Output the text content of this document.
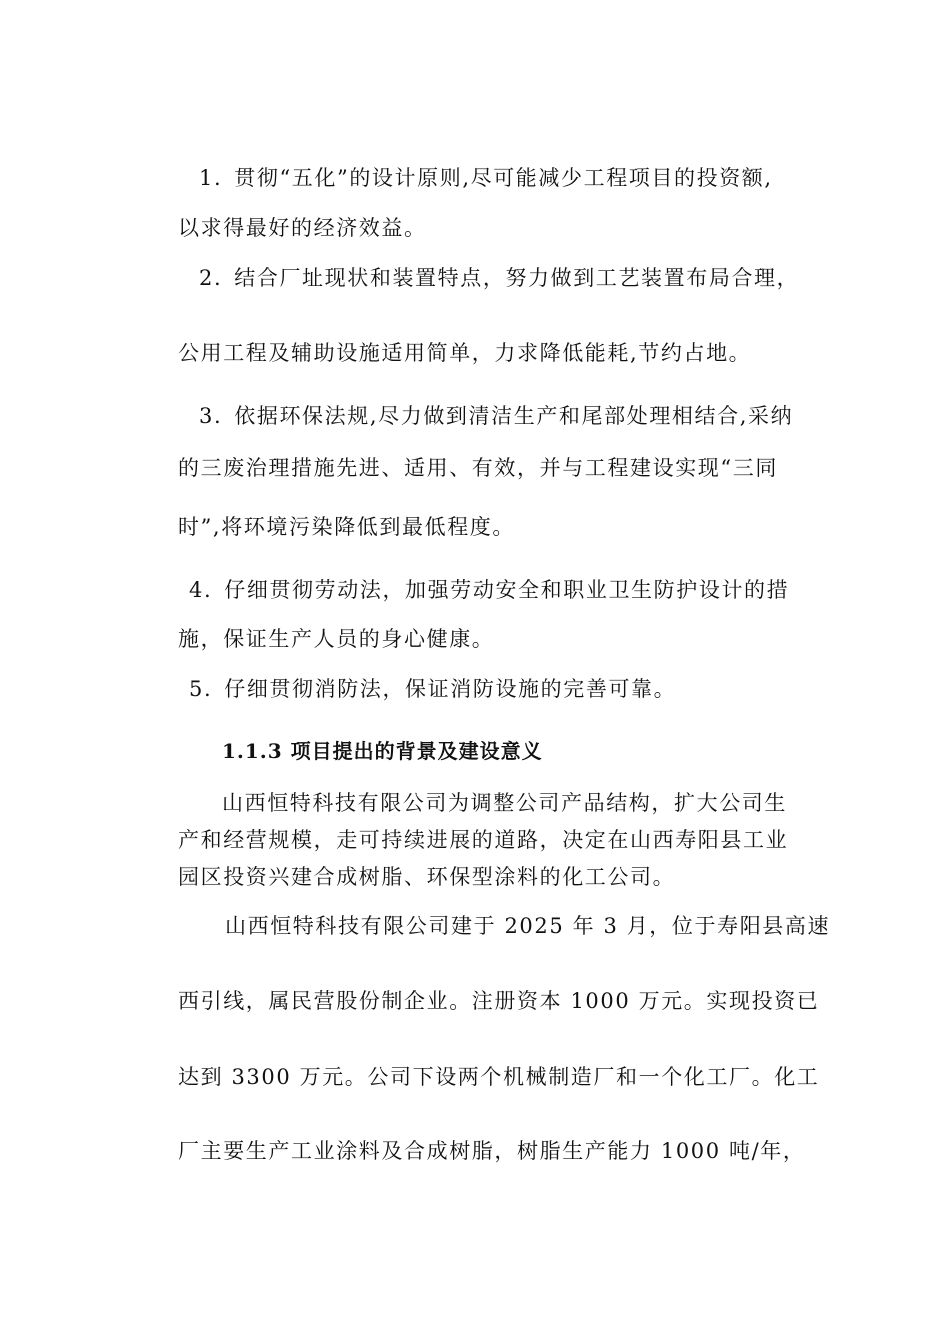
1. 贯彻“五化”的设计原则,尽可能减少工程项目的投资额,
以求得最好的经济效益。
2. 结合厂址现状和装置特点，努力做到工艺装置布局合理，
公用工程及辅助设施适用简单，力求降低能耗,节约占地。
3. 依据环保法规,尽力做到清洁生产和尾部处理相结合,采纳
的三废治理措施先进、适用、有效，并与工程建设实现“三同
时”,将环境污染降低到最低程度。
4. 仔细贯彻劳动法，加强劳动安全和职业卫生防护设计的措
施，保证生产人员的身心健康。
5. 仔细贯彻消防法，保证消防设施的完善可靠。
1.1.3 项目提出的背景及建设意义
山西恒特科技有限公司为调整公司产品结构，扩大公司生
产和经营规模，走可持续进展的道路，决定在山西寿阳县工业
园区投资兴建合成树脂、环保型涂料的化工公司。
山西恒特科技有限公司建于 2025 年 3 月，位于寿阳县高速
西引线，属民营股份制企业。注册资本 1000 万元。实现投资已
达到 3300 万元。公司下设两个机械制造厂和一个化工厂。化工
厂主要生产工业涂料及合成树脂，树脂生产能力 1000 吨/年，
